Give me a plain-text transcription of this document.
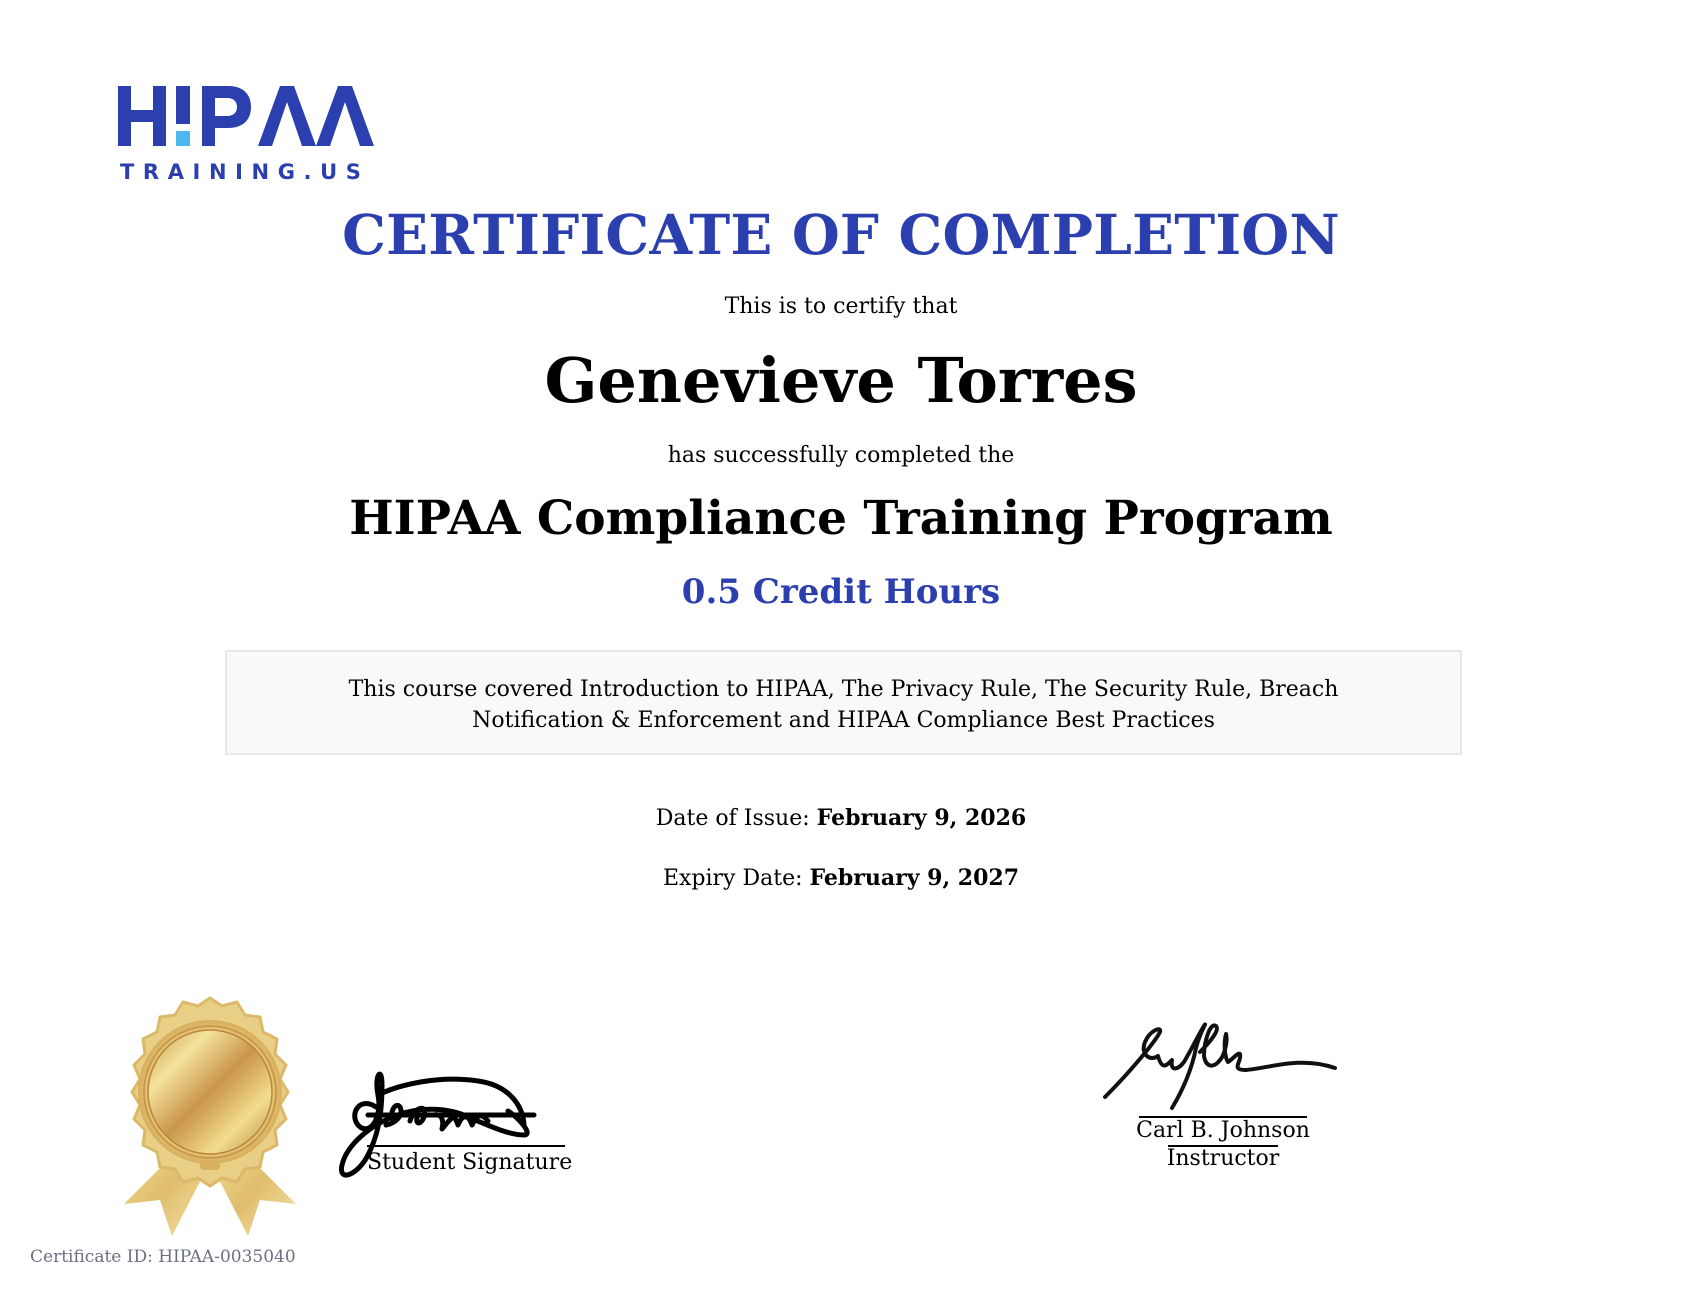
TRAINING.US
CERTIFICATE OF COMPLETION
This is to certify that
Genevieve Torres
has successfully completed the
HIPAA Compliance Training Program
0.5 Credit Hours
This course covered Introduction to HIPAA, The Privacy Rule, The Security Rule, Breach Notification & Enforcement and HIPAA Compliance Best Practices
Date of Issue: February 9, 2026
Expiry Date: February 9, 2027
Student Signature
Carl B. Johnson
Instructor
Certificate ID: HIPAA-0035040
